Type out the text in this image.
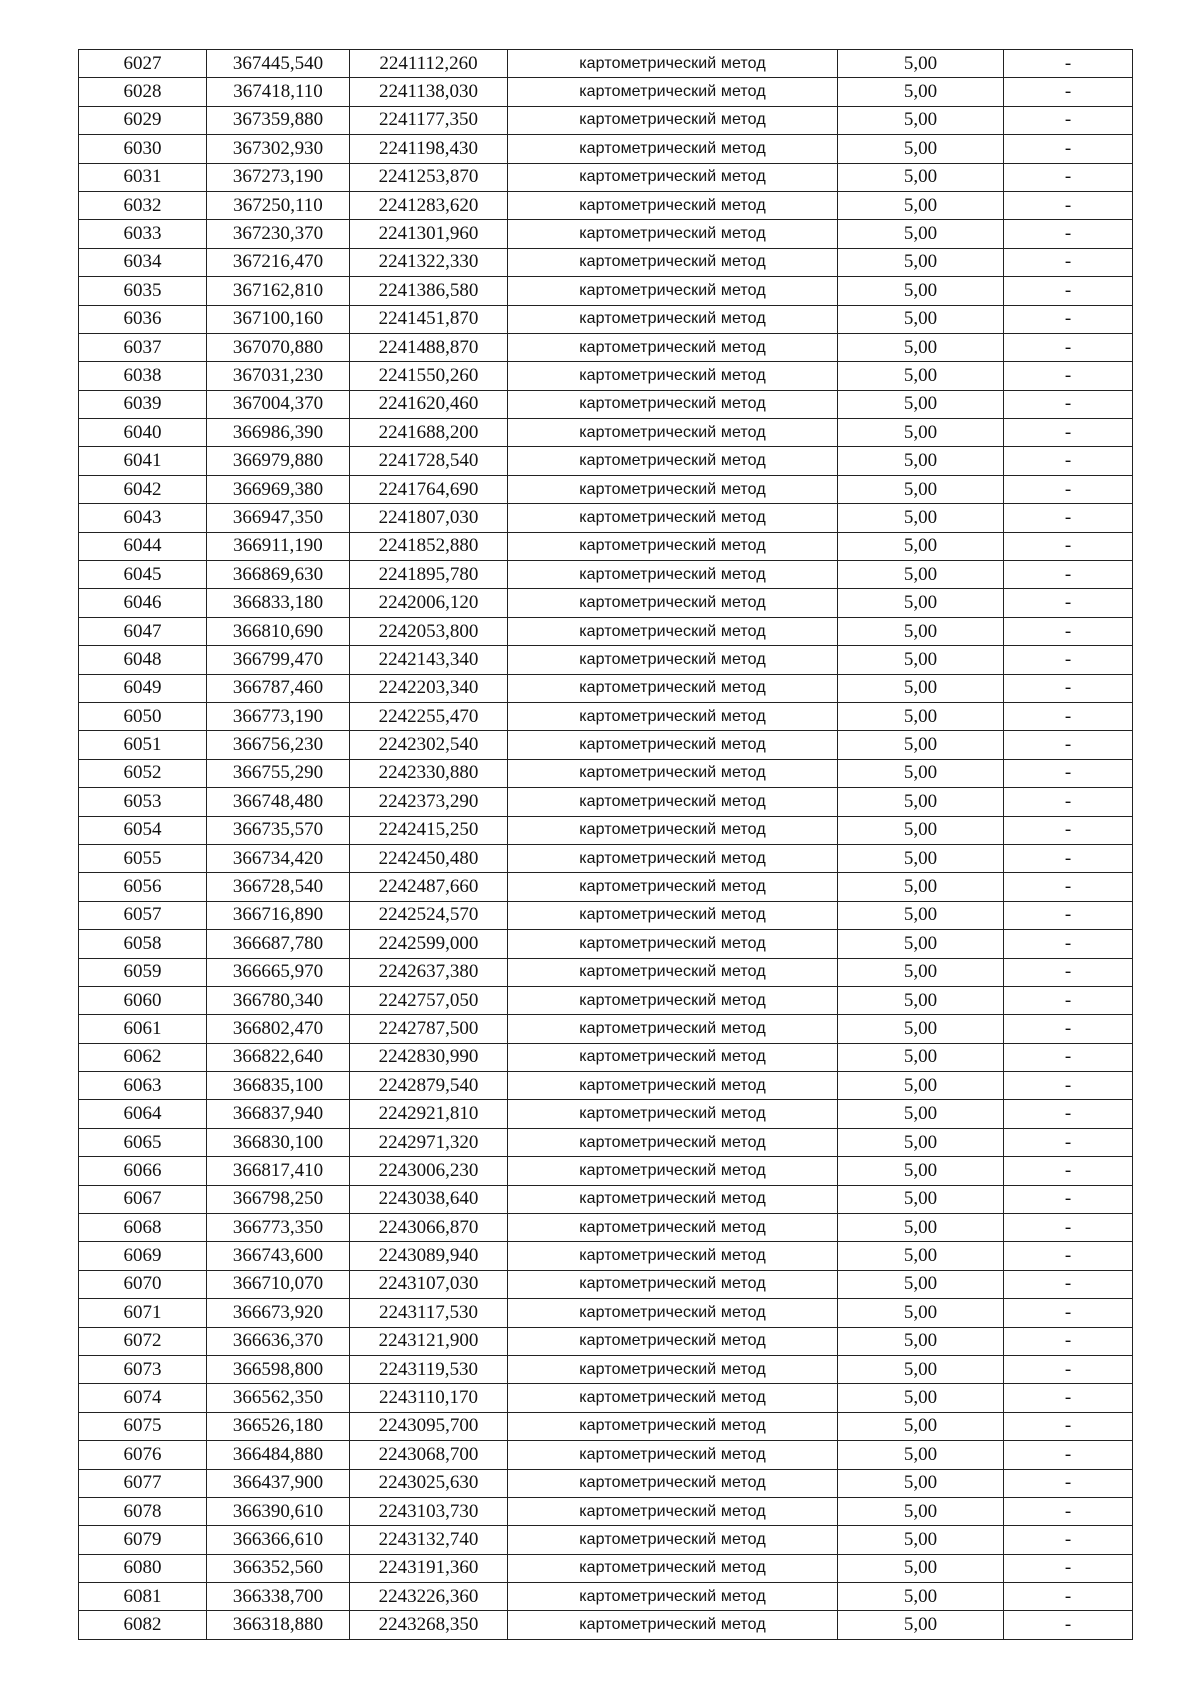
6027	367445,540	2241112,260	картометрический метод	5,00	-
6028	367418,110	2241138,030	картометрический метод	5,00	-
6029	367359,880	2241177,350	картометрический метод	5,00	-
6030	367302,930	2241198,430	картометрический метод	5,00	-
6031	367273,190	2241253,870	картометрический метод	5,00	-
6032	367250,110	2241283,620	картометрический метод	5,00	-
6033	367230,370	2241301,960	картометрический метод	5,00	-
6034	367216,470	2241322,330	картометрический метод	5,00	-
6035	367162,810	2241386,580	картометрический метод	5,00	-
6036	367100,160	2241451,870	картометрический метод	5,00	-
6037	367070,880	2241488,870	картометрический метод	5,00	-
6038	367031,230	2241550,260	картометрический метод	5,00	-
6039	367004,370	2241620,460	картометрический метод	5,00	-
6040	366986,390	2241688,200	картометрический метод	5,00	-
6041	366979,880	2241728,540	картометрический метод	5,00	-
6042	366969,380	2241764,690	картометрический метод	5,00	-
6043	366947,350	2241807,030	картометрический метод	5,00	-
6044	366911,190	2241852,880	картометрический метод	5,00	-
6045	366869,630	2241895,780	картометрический метод	5,00	-
6046	366833,180	2242006,120	картометрический метод	5,00	-
6047	366810,690	2242053,800	картометрический метод	5,00	-
6048	366799,470	2242143,340	картометрический метод	5,00	-
6049	366787,460	2242203,340	картометрический метод	5,00	-
6050	366773,190	2242255,470	картометрический метод	5,00	-
6051	366756,230	2242302,540	картометрический метод	5,00	-
6052	366755,290	2242330,880	картометрический метод	5,00	-
6053	366748,480	2242373,290	картометрический метод	5,00	-
6054	366735,570	2242415,250	картометрический метод	5,00	-
6055	366734,420	2242450,480	картометрический метод	5,00	-
6056	366728,540	2242487,660	картометрический метод	5,00	-
6057	366716,890	2242524,570	картометрический метод	5,00	-
6058	366687,780	2242599,000	картометрический метод	5,00	-
6059	366665,970	2242637,380	картометрический метод	5,00	-
6060	366780,340	2242757,050	картометрический метод	5,00	-
6061	366802,470	2242787,500	картометрический метод	5,00	-
6062	366822,640	2242830,990	картометрический метод	5,00	-
6063	366835,100	2242879,540	картометрический метод	5,00	-
6064	366837,940	2242921,810	картометрический метод	5,00	-
6065	366830,100	2242971,320	картометрический метод	5,00	-
6066	366817,410	2243006,230	картометрический метод	5,00	-
6067	366798,250	2243038,640	картометрический метод	5,00	-
6068	366773,350	2243066,870	картометрический метод	5,00	-
6069	366743,600	2243089,940	картометрический метод	5,00	-
6070	366710,070	2243107,030	картометрический метод	5,00	-
6071	366673,920	2243117,530	картометрический метод	5,00	-
6072	366636,370	2243121,900	картометрический метод	5,00	-
6073	366598,800	2243119,530	картометрический метод	5,00	-
6074	366562,350	2243110,170	картометрический метод	5,00	-
6075	366526,180	2243095,700	картометрический метод	5,00	-
6076	366484,880	2243068,700	картометрический метод	5,00	-
6077	366437,900	2243025,630	картометрический метод	5,00	-
6078	366390,610	2243103,730	картометрический метод	5,00	-
6079	366366,610	2243132,740	картометрический метод	5,00	-
6080	366352,560	2243191,360	картометрический метод	5,00	-
6081	366338,700	2243226,360	картометрический метод	5,00	-
6082	366318,880	2243268,350	картометрический метод	5,00	-
